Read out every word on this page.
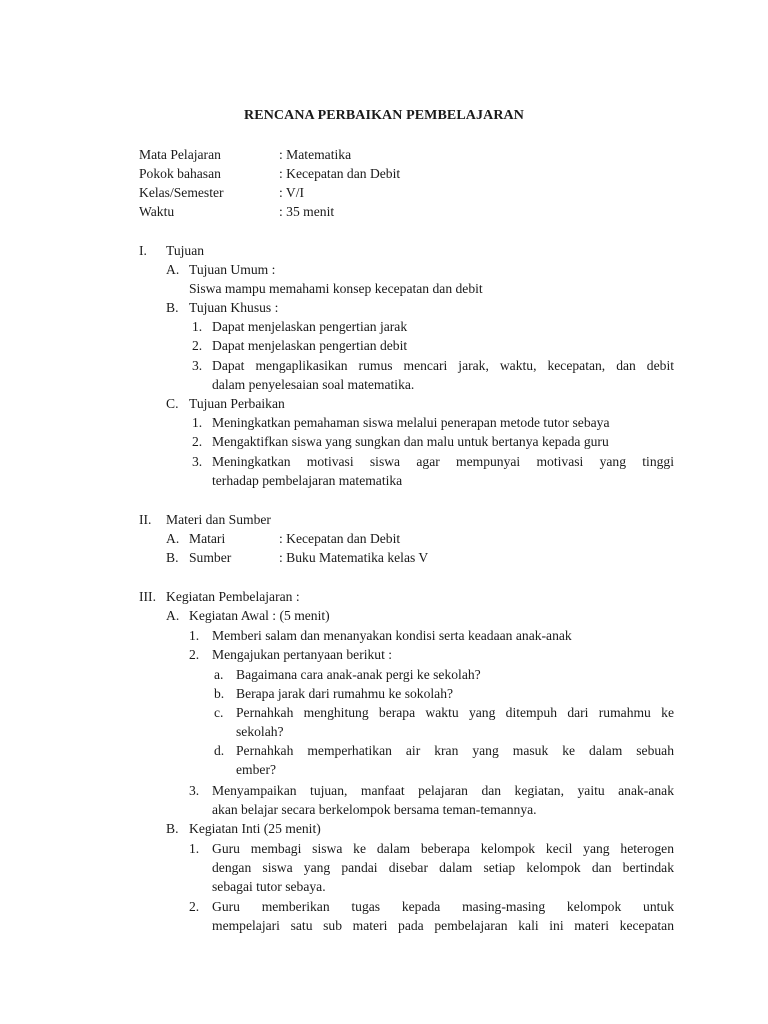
RENCANA PERBAIKAN PEMBELAJARAN
Mata Pelajaran	: Matematika
Pokok bahasan	: Kecepatan dan Debit
Kelas/Semester	: V/I
Waktu	: 35 menit
I. Tujuan
A. Tujuan Umum :
Siswa mampu memahami konsep kecepatan dan debit
B. Tujuan Khusus :
1. Dapat menjelaskan pengertian jarak
2. Dapat menjelaskan pengertian debit
3. Dapat mengaplikasikan rumus mencari jarak, waktu, kecepatan, dan debit
dalam penyelesaian soal matematika.
C. Tujuan Perbaikan
1. Meningkatkan pemahaman siswa melalui penerapan metode tutor sebaya
2. Mengaktifkan siswa yang sungkan dan malu untuk bertanya kepada guru
3. Meningkatkan motivasi siswa agar mempunyai motivasi yang tinggi
terhadap pembelajaran matematika
II. Materi dan Sumber
A. Matari	: Kecepatan dan Debit
B. Sumber	: Buku Matematika kelas V
III. Kegiatan Pembelajaran :
A. Kegiatan Awal : (5 menit)
1. Memberi salam dan menanyakan kondisi serta keadaan anak-anak
2. Mengajukan pertanyaan berikut :
a. Bagaimana cara anak-anak pergi ke sekolah?
b. Berapa jarak dari rumahmu ke sokolah?
c. Pernahkah menghitung berapa waktu yang ditempuh dari rumahmu ke
sekolah?
d. Pernahkah memperhatikan air kran yang masuk ke dalam sebuah
ember?
3. Menyampaikan tujuan, manfaat pelajaran dan kegiatan, yaitu anak-anak
akan belajar secara berkelompok bersama teman-temannya.
B. Kegiatan Inti (25 menit)
1. Guru membagi siswa ke dalam beberapa kelompok kecil yang heterogen
dengan siswa yang pandai disebar dalam setiap kelompok dan bertindak
sebagai tutor sebaya.
2. Guru memberikan tugas kepada masing-masing kelompok untuk
mempelajari satu sub materi pada pembelajaran kali ini materi kecepatan
